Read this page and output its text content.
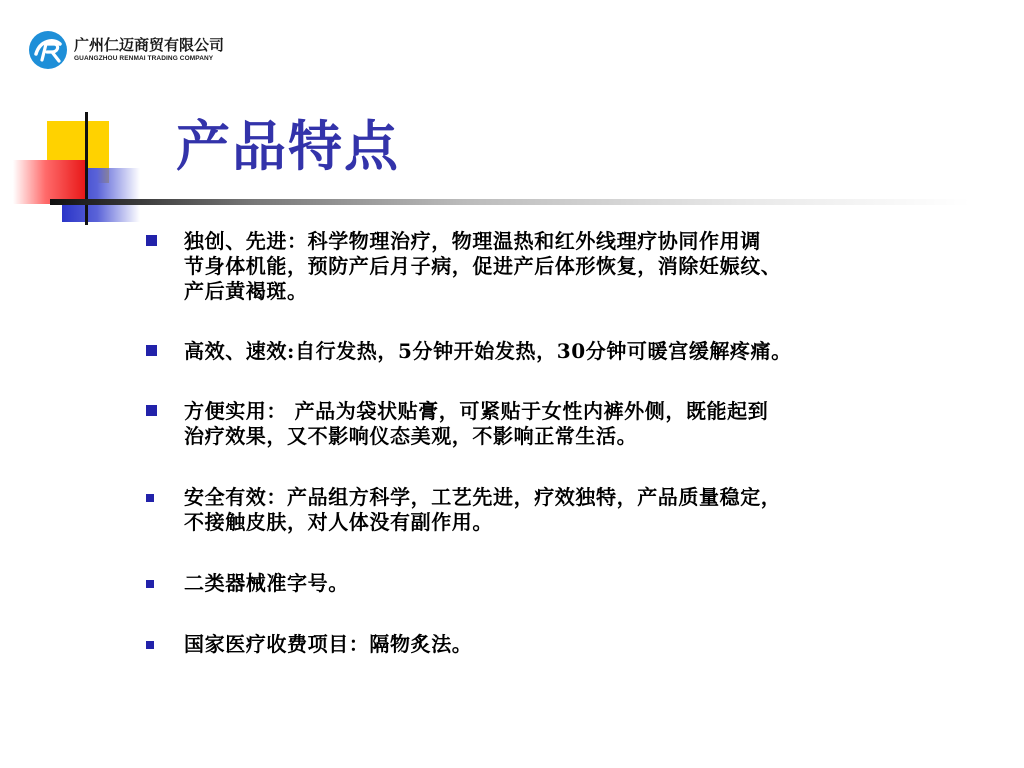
广州仁迈商贸有限公司
GUANGZHOU RENMAI TRADING COMPANY
产品特点
独创、先进：科学物理治疗，物理温热和红外线理疗协同作用调
节身体机能，预防产后月子病，促进产后体形恢复，消除妊娠纹、
产后黄褐斑。
高效、速效:自行发热，5分钟开始发热，30分钟可暖宫缓解疼痛。
方便实用： 产品为袋状贴膏，可紧贴于女性内裤外侧，既能起到
治疗效果，又不影响仪态美观，不影响正常生活。
安全有效：产品组方科学，工艺先进，疗效独特，产品质量稳定，
不接触皮肤，对人体没有副作用。
二类器械准字号。
国家医疗收费项目：隔物炙法。
